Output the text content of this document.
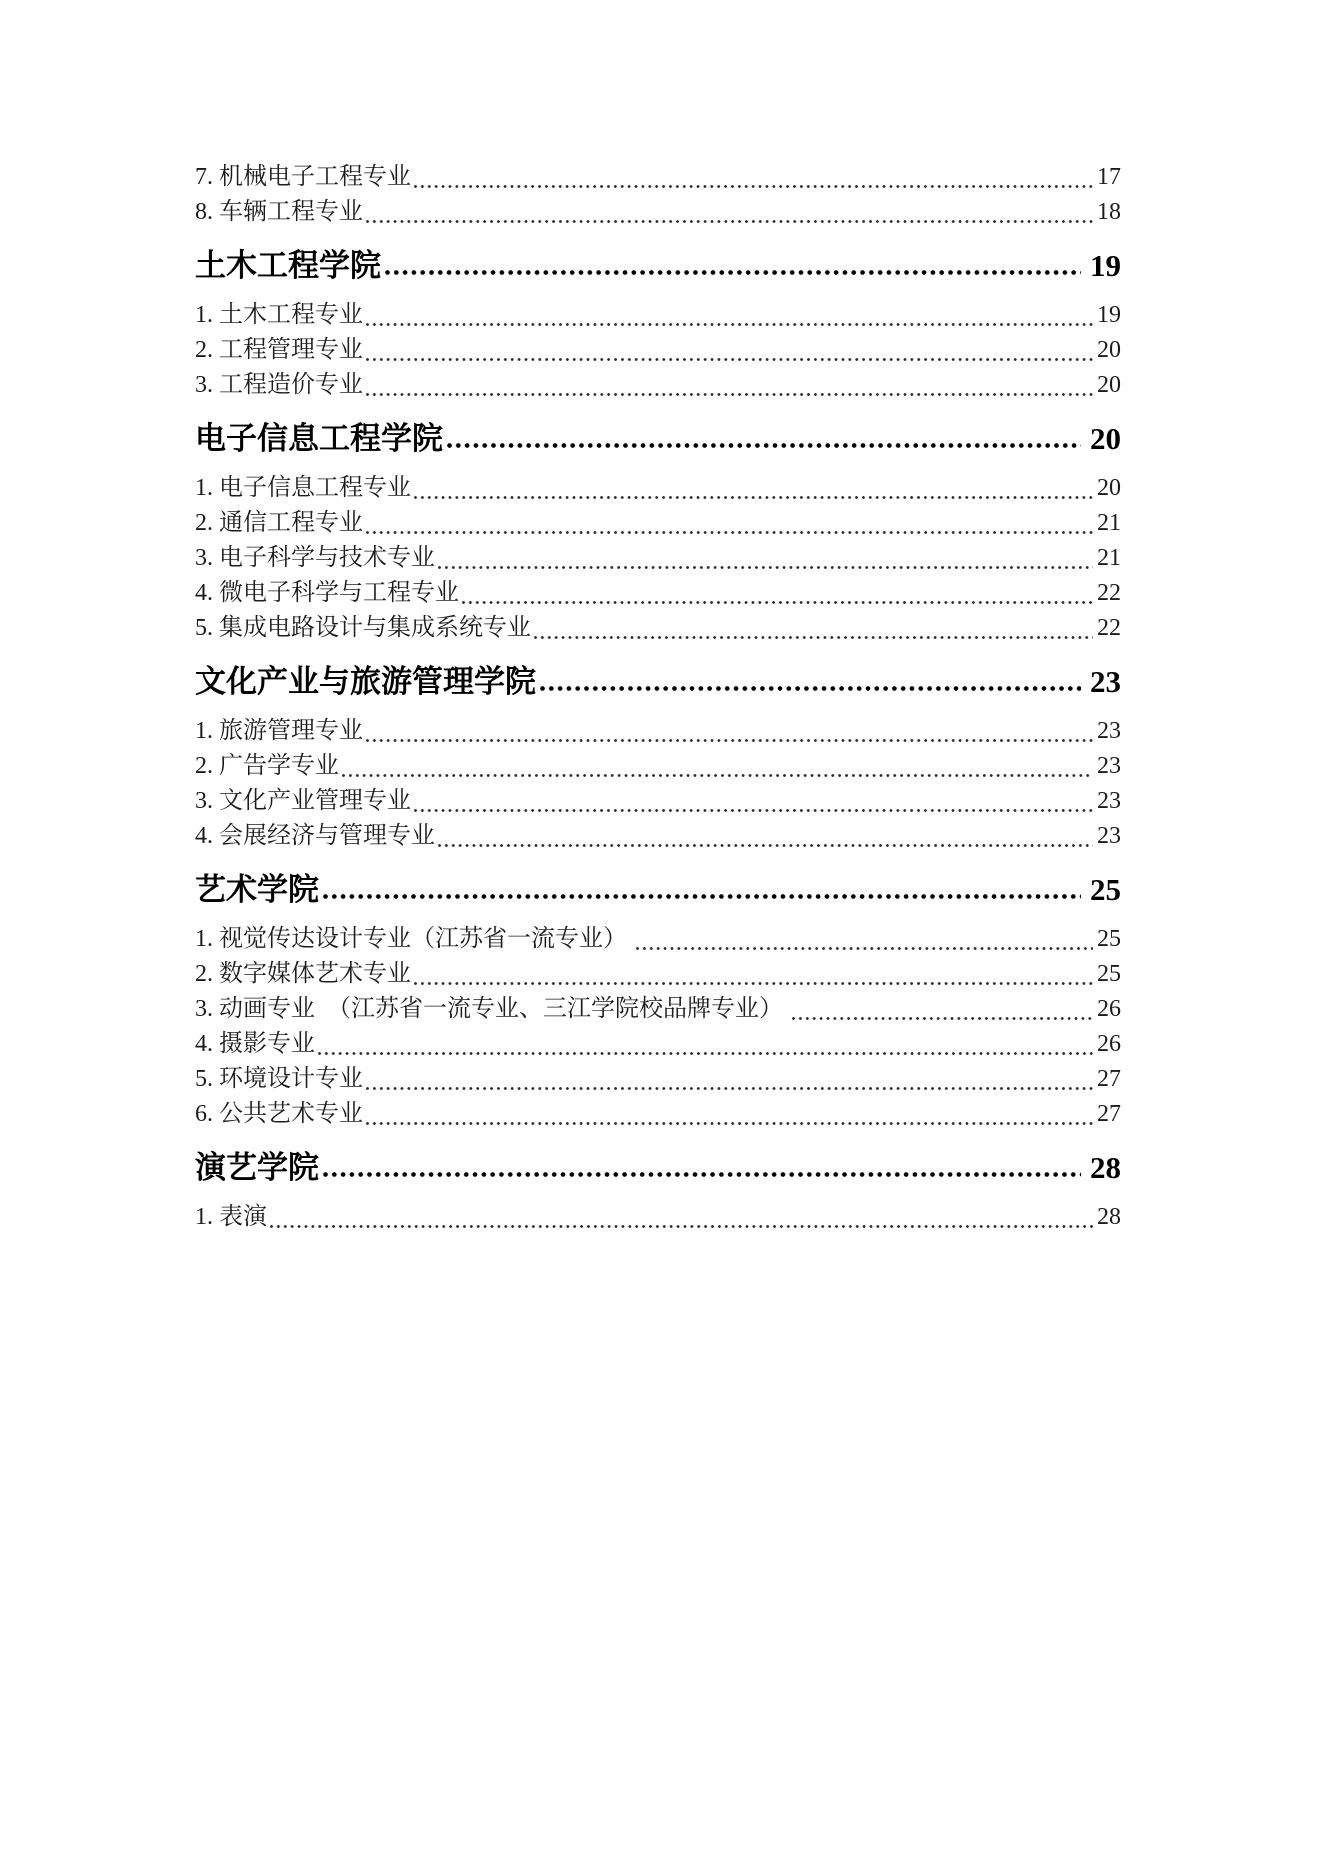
7. 机械电子工程专业	17
8. 车辆工程专业	18
土木工程学院	19
1. 土木工程专业	19
2. 工程管理专业	20
3. 工程造价专业	20
电子信息工程学院	20
1. 电子信息工程专业	20
2. 通信工程专业	21
3. 电子科学与技术专业	21
4. 微电子科学与工程专业	22
5. 集成电路设计与集成系统专业	22
文化产业与旅游管理学院	23
1. 旅游管理专业	23
2. 广告学专业	23
3. 文化产业管理专业	23
4. 会展经济与管理专业	23
艺术学院	25
1. 视觉传达设计专业（江苏省一流专业）	25
2. 数字媒体艺术专业	25
3. 动画专业  （江苏省一流专业、三江学院校品牌专业）	26
4. 摄影专业	26
5. 环境设计专业	27
6. 公共艺术专业	27
演艺学院	28
1. 表演	28
